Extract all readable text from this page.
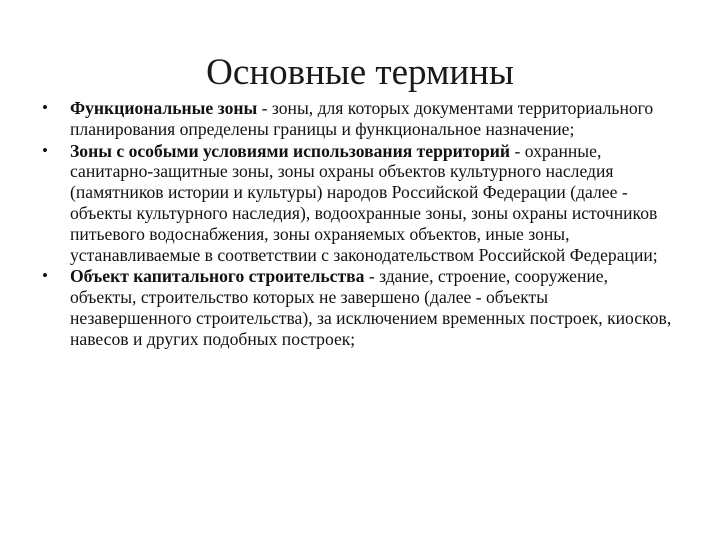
Основные термины
•	Функциональные зоны - зоны, для которых документами территориального планирования определены границы и функциональное назначение;
•	Зоны с особыми условиями использования территорий - охранные, санитарно-защитные зоны, зоны охраны объектов культурного наследия (памятников истории и культуры) народов Российской Федерации (далее - объекты культурного наследия), водоохранные зоны, зоны охраны источников питьевого водоснабжения, зоны охраняемых объектов, иные зоны, устанавливаемые в соответствии с законодательством Российской Федерации;
•	Объект капитального строительства - здание, строение, сооружение, объекты, строительство которых не завершено (далее - объекты незавершенного строительства), за исключением временных построек, киосков, навесов и других подобных построек;
